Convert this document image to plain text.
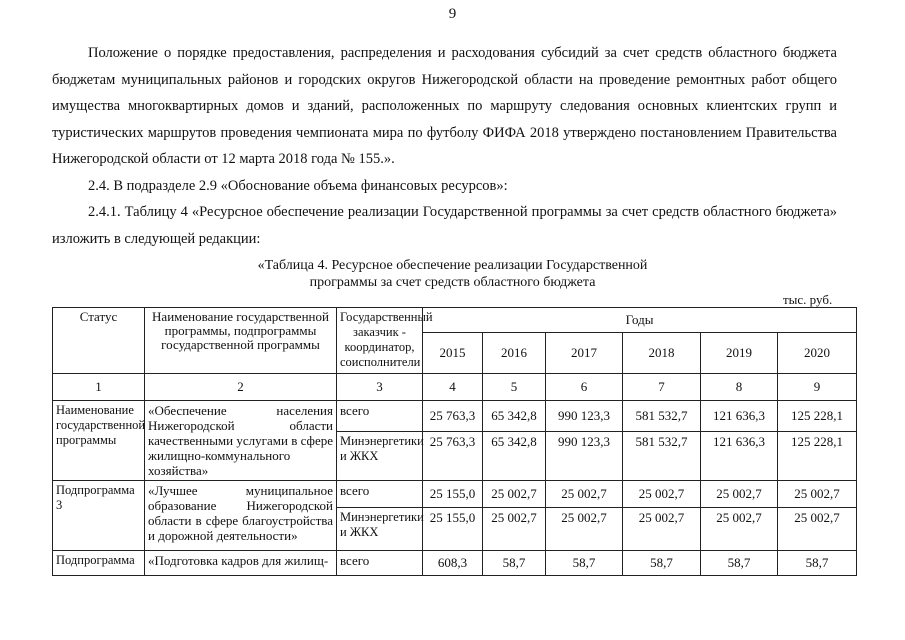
9
Положение о порядке предоставления, распределения и расходования субсидий за счет средств областного бюджета бюджетам муниципальных районов и городских округов Нижегородской области на проведение ремонтных работ общего имущества многоквартирных домов и зданий, расположенных по маршруту следования основных клиентских групп и туристических маршрутов проведения чемпионата мира по футболу ФИФА 2018 утверждено постановлением Правительства Нижегородской области от 12 марта 2018 года № 155.».
2.4. В подразделе 2.9 «Обоснование объема финансовых ресурсов»:
2.4.1. Таблицу 4 «Ресурсное обеспечение реализации Государственной программы за счет средств областного бюджета» изложить в следующей редакции:
«Таблица 4. Ресурсное обеспечение реализации Государственной
программы за счет средств областного бюджета
тыс. руб.
Статус	Наименование государственной программы, подпрограммы государственной программы	Государственный заказчик - координатор, соисполнители	Годы					
			2015	2016	2017	2018	2019	2020
1	2	3	4	5	6	7	8	9
Наименование государственной программы	«Обеспечение населения Нижегородской области качественными услугами в сфере жилищно-коммунального хозяйства»	всего	25 763,3	65 342,8	990 123,3	581 532,7	121 636,3	125 228,1
		Минэнергетики и ЖКХ	25 763,3	65 342,8	990 123,3	581 532,7	121 636,3	125 228,1
Подпрограмма 3	«Лучшее муниципальное образование Нижегородской области в сфере благоустройства и дорожной деятельности»	всего	25 155,0	25 002,7	25 002,7	25 002,7	25 002,7	25 002,7
		Минэнергетики и ЖКХ	25 155,0	25 002,7	25 002,7	25 002,7	25 002,7	25 002,7
Подпрограмма	«Подготовка кадров для жилищ-	всего	608,3	58,7	58,7	58,7	58,7	58,7
